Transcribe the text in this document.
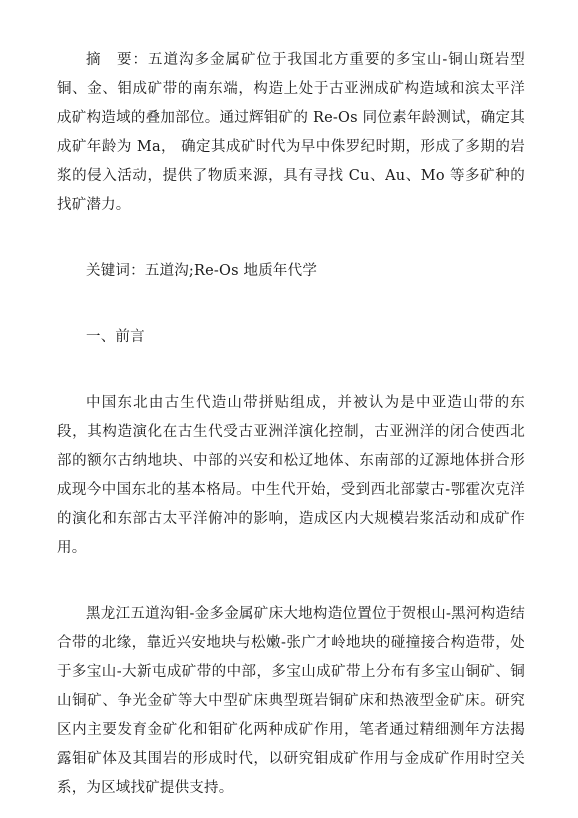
摘　要：五道沟多金属矿位于我国北方重要的多宝山-铜山斑岩型铜、金、钼成矿带的南东端，构造上处于古亚洲成矿构造域和滨太平洋成矿构造域的叠加部位。通过辉钼矿的 Re-Os 同位素年龄测试，确定其成矿年龄为 Ma， 确定其成矿时代为早中侏罗纪时期，形成了多期的岩浆的侵入活动，提供了物质来源，具有寻找 Cu、Au、Mo 等多矿种的找矿潜力。

关键词：五道沟;Re-Os 地质年代学

一、前言

中国东北由古生代造山带拼贴组成，并被认为是中亚造山带的东段，其构造演化在古生代受古亚洲洋演化控制，古亚洲洋的闭合使西北部的额尔古纳地块、中部的兴安和松辽地体、东南部的辽源地体拼合形成现今中国东北的基本格局。中生代开始，受到西北部蒙古-鄂霍次克洋的演化和东部古太平洋俯冲的影响，造成区内大规模岩浆活动和成矿作用。

黑龙江五道沟钼-金多金属矿床大地构造位置位于贺根山-黑河构造结合带的北缘，靠近兴安地块与松嫩-张广才岭地块的碰撞接合构造带，处于多宝山-大新屯成矿带的中部，多宝山成矿带上分布有多宝山铜矿、铜山铜矿、争光金矿等大中型矿床典型斑岩铜矿床和热液型金矿床。研究区内主要发育金矿化和钼矿化两种成矿作用，笔者通过精细测年方法揭露钼矿体及其围岩的形成时代，以研究钼成矿作用与金成矿作用时空关系，为区域找矿提供支持。
